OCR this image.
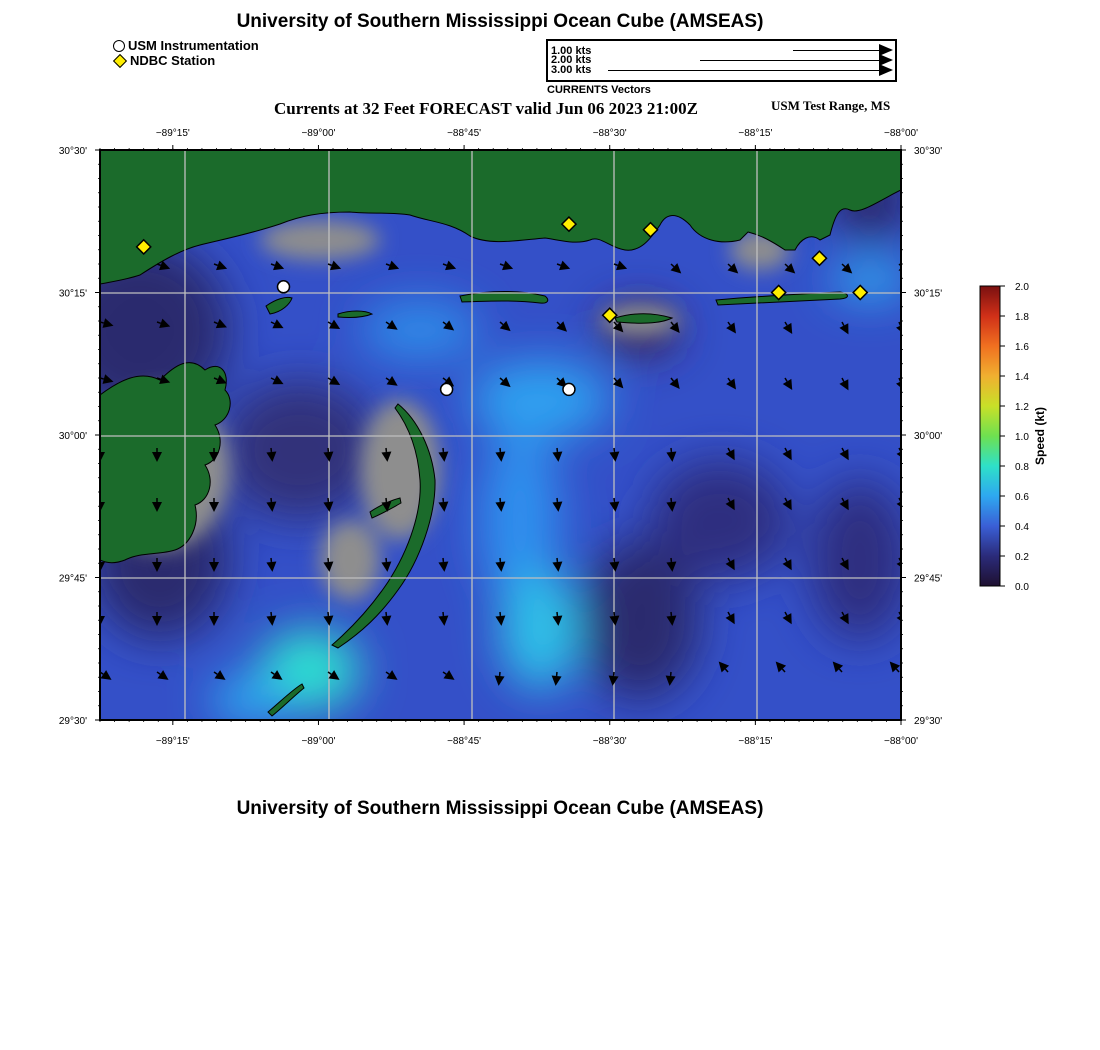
University of Southern Mississippi Ocean Cube (AMSEAS)
USM Instrumentation
NDBC Station
1.00 kts
2.00 kts
3.00 kts
CURRENTS Vectors
Currents at 32 Feet FORECAST valid Jun 06 2023 21:00Z	USM Test Range, MS
−89°15'
−89°15'
−89°00'
−89°00'
−88°45'
−88°45'
−88°30'
−88°30'
−88°15'
−88°15'
−88°00'
−88°00'
30°30'	30°30'
30°15'	30°15'
30°00'	30°00'
29°45'	29°45'
29°30'	29°30'
0.0
0.2
0.4
0.6
0.8
1.0
1.2
1.4
1.6
1.8
2.0
Speed (kt)
University of Southern Mississippi Ocean Cube (AMSEAS)
